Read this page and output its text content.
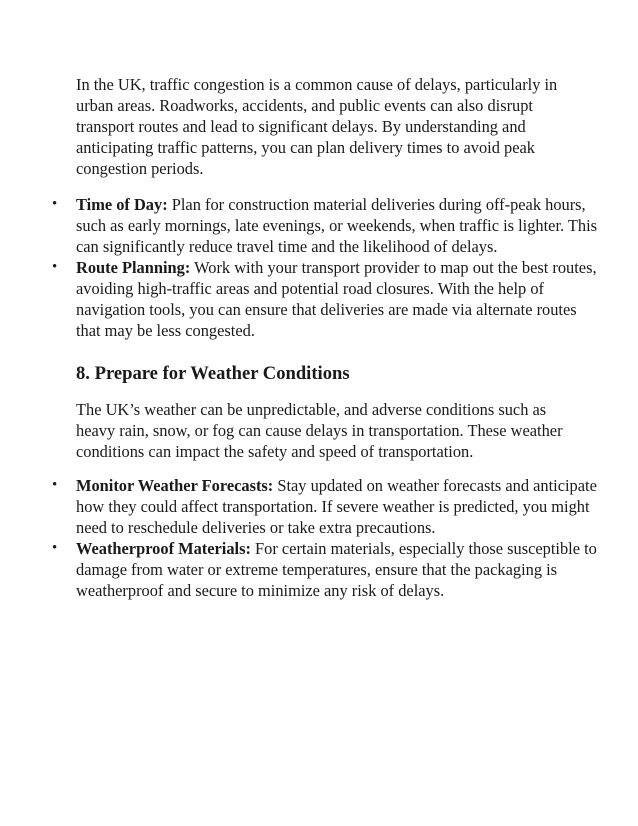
In the UK, traffic congestion is a common cause of delays, particularly in urban areas. Roadworks, accidents, and public events can also disrupt transport routes and lead to significant delays. By understanding and anticipating traffic patterns, you can plan delivery times to avoid peak congestion periods.

• Time of Day: Plan for construction material deliveries during off-peak hours, such as early mornings, late evenings, or weekends, when traffic is lighter. This can significantly reduce travel time and the likelihood of delays.
• Route Planning: Work with your transport provider to map out the best routes, avoiding high-traffic areas and potential road closures. With the help of navigation tools, you can ensure that deliveries are made via alternate routes that may be less congested.
8. Prepare for Weather Conditions

The UK’s weather can be unpredictable, and adverse conditions such as heavy rain, snow, or fog can cause delays in transportation. These weather conditions can impact the safety and speed of transportation.

• Monitor Weather Forecasts: Stay updated on weather forecasts and anticipate how they could affect transportation. If severe weather is predicted, you might need to reschedule deliveries or take extra precautions.
• Weatherproof Materials: For certain materials, especially those susceptible to damage from water or extreme temperatures, ensure that the packaging is weatherproof and secure to minimize any risk of delays.
